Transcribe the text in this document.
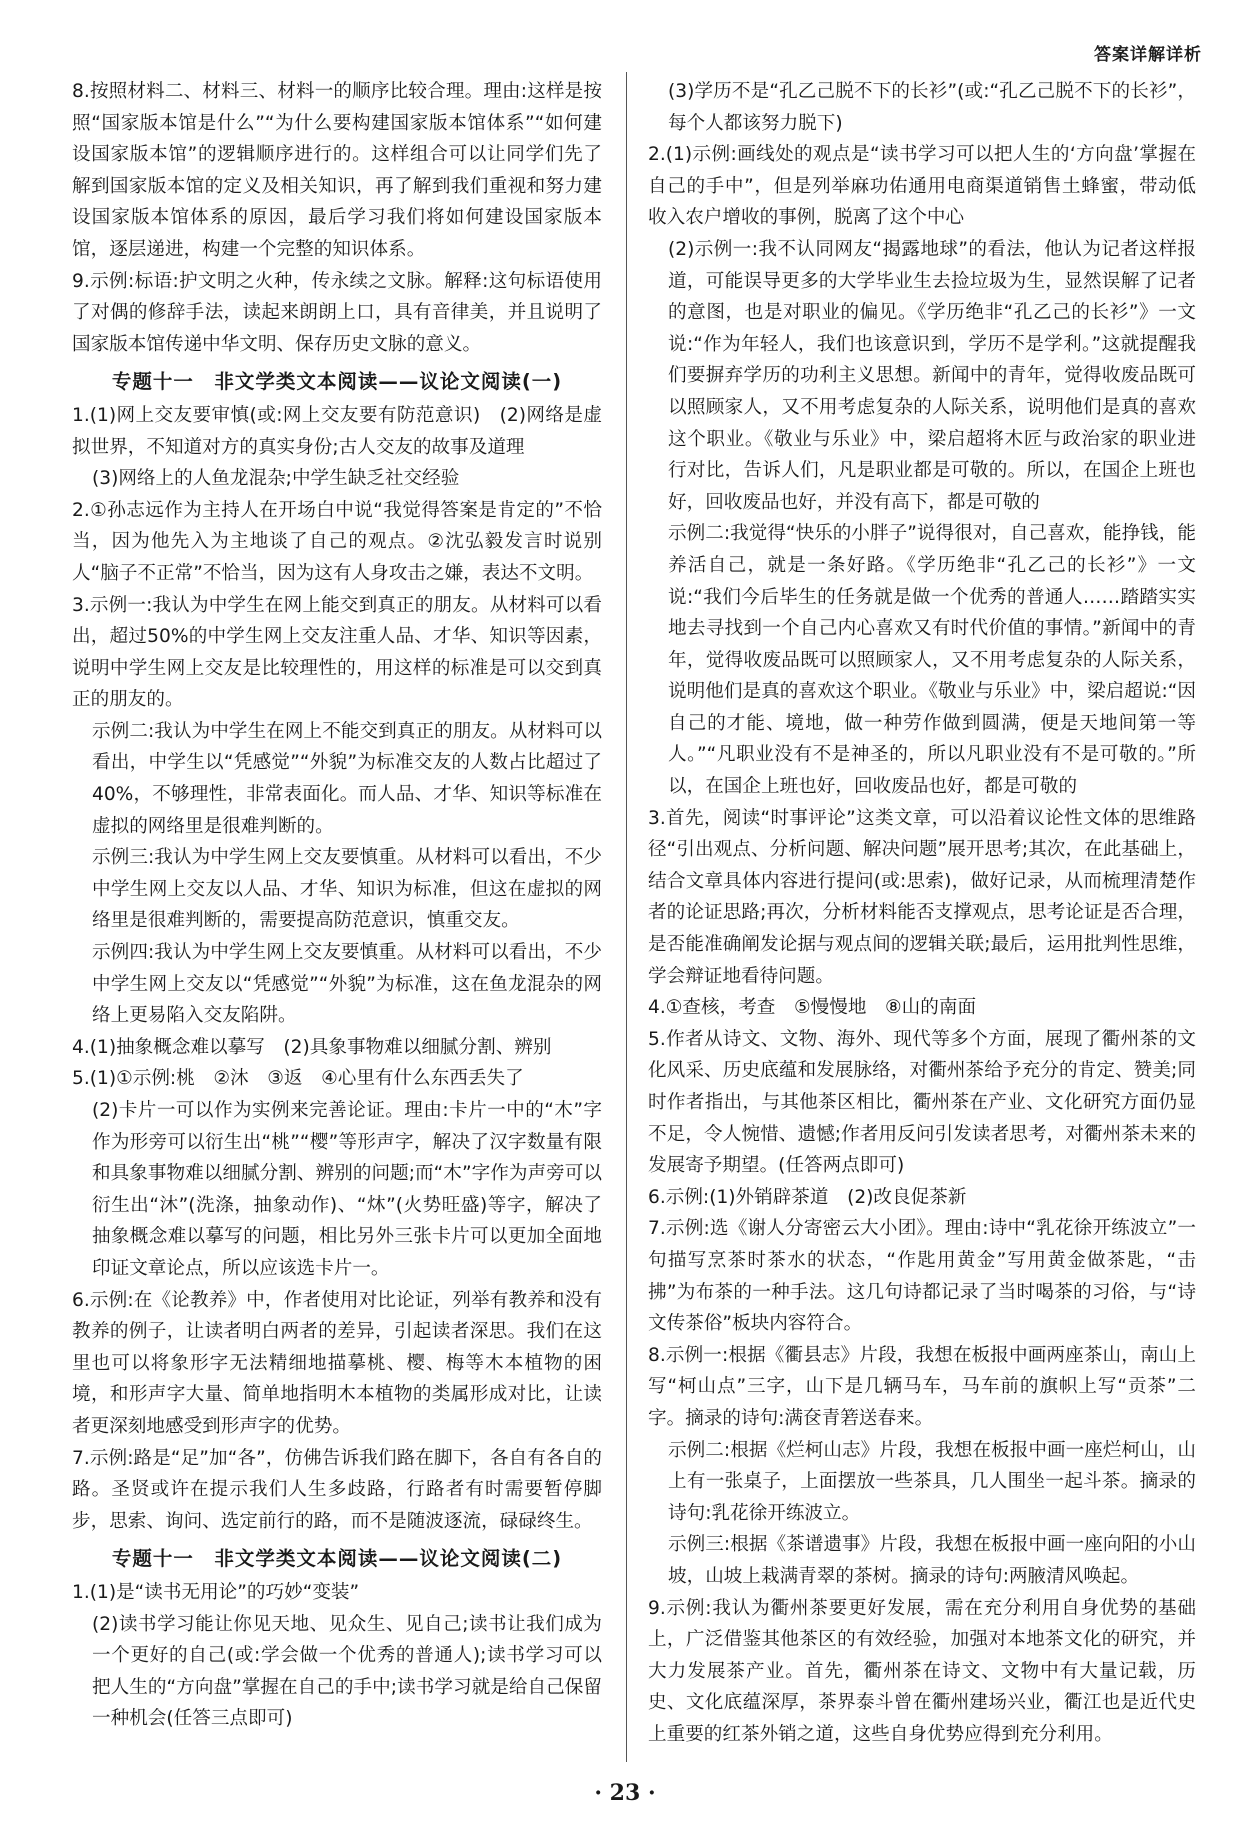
答案详解详析
8.按照材料二、材料三、材料一的顺序比较合理。理由:这样是按照“国家版本馆是什么”“为什么要构建国家版本馆体系”“如何建设国家版本馆”的逻辑顺序进行的。这样组合可以让同学们先了解到国家版本馆的定义及相关知识，再了解到我们重视和努力建设国家版本馆体系的原因，最后学习我们将如何建设国家版本馆，逐层递进，构建一个完整的知识体系。
9.示例:标语:护文明之火种，传永续之文脉。解释:这句标语使用了对偶的修辞手法，读起来朗朗上口，具有音律美，并且说明了国家版本馆传递中华文明、保存历史文脉的意义。
专题十一　非文学类文本阅读——议论文阅读(一)
1.(1)网上交友要审慎(或:网上交友要有防范意识)　(2)网络是虚拟世界，不知道对方的真实身份;古人交友的故事及道理
(3)网络上的人鱼龙混杂;中学生缺乏社交经验
2.①孙志远作为主持人在开场白中说“我觉得答案是肯定的”不恰当，因为他先入为主地谈了自己的观点。②沈弘毅发言时说别人“脑子不正常”不恰当，因为这有人身攻击之嫌，表达不文明。
3.示例一:我认为中学生在网上能交到真正的朋友。从材料可以看出，超过50%的中学生网上交友注重人品、才华、知识等因素，说明中学生网上交友是比较理性的，用这样的标准是可以交到真正的朋友的。
示例二:我认为中学生在网上不能交到真正的朋友。从材料可以看出，中学生以“凭感觉”“外貌”为标准交友的人数占比超过了40%，不够理性，非常表面化。而人品、才华、知识等标准在虚拟的网络里是很难判断的。
示例三:我认为中学生网上交友要慎重。从材料可以看出，不少中学生网上交友以人品、才华、知识为标准，但这在虚拟的网络里是很难判断的，需要提高防范意识，慎重交友。
示例四:我认为中学生网上交友要慎重。从材料可以看出，不少中学生网上交友以“凭感觉”“外貌”为标准，这在鱼龙混杂的网络上更易陷入交友陷阱。
4.(1)抽象概念难以摹写　(2)具象事物难以细腻分割、辨别
5.(1)①示例:桃　②沐　③返　④心里有什么东西丢失了
(2)卡片一可以作为实例来完善论证。理由:卡片一中的“木”字作为形旁可以衍生出“桃”“樱”等形声字，解决了汉字数量有限和具象事物难以细腻分割、辨别的问题;而“木”字作为声旁可以衍生出“沐”(洗涤，抽象动作)、“炑”(火势旺盛)等字，解决了抽象概念难以摹写的问题，相比另外三张卡片可以更加全面地印证文章论点，所以应该选卡片一。
6.示例:在《论教养》中，作者使用对比论证，列举有教养和没有教养的例子，让读者明白两者的差异，引起读者深思。我们在这里也可以将象形字无法精细地描摹桃、樱、梅等木本植物的困境，和形声字大量、简单地指明木本植物的类属形成对比，让读者更深刻地感受到形声字的优势。
7.示例:路是“足”加“各”，仿佛告诉我们路在脚下，各自有各自的路。圣贤或许在提示我们人生多歧路，行路者有时需要暂停脚步，思索、询问、选定前行的路，而不是随波逐流，碌碌终生。
专题十一　非文学类文本阅读——议论文阅读(二)
1.(1)是“读书无用论”的巧妙“变装”
(2)读书学习能让你见天地、见众生、见自己;读书让我们成为一个更好的自己(或:学会做一个优秀的普通人);读书学习可以把人生的“方向盘”掌握在自己的手中;读书学习就是给自己保留一种机会(任答三点即可)
(3)学历不是“孔乙己脱不下的长衫”(或:“孔乙己脱不下的长衫”，每个人都该努力脱下)
2.(1)示例:画线处的观点是“读书学习可以把人生的‘方向盘’掌握在自己的手中”，但是列举麻功佑通用电商渠道销售土蜂蜜，带动低收入农户增收的事例，脱离了这个中心
(2)示例一:我不认同网友“揭露地球”的看法，他认为记者这样报道，可能误导更多的大学毕业生去捡垃圾为生，显然误解了记者的意图，也是对职业的偏见。《学历绝非“孔乙己的长衫”》一文说:“作为年轻人，我们也该意识到，学历不是学利。”这就提醒我们要摒弃学历的功利主义思想。新闻中的青年，觉得收废品既可以照顾家人，又不用考虑复杂的人际关系，说明他们是真的喜欢这个职业。《敬业与乐业》中，梁启超将木匠与政治家的职业进行对比，告诉人们，凡是职业都是可敬的。所以，在国企上班也好，回收废品也好，并没有高下，都是可敬的
示例二:我觉得“快乐的小胖子”说得很对，自己喜欢，能挣钱，能养活自己，就是一条好路。《学历绝非“孔乙己的长衫”》一文说:“我们今后毕生的任务就是做一个优秀的普通人……踏踏实实地去寻找到一个自己内心喜欢又有时代价值的事情。”新闻中的青年，觉得收废品既可以照顾家人，又不用考虑复杂的人际关系，说明他们是真的喜欢这个职业。《敬业与乐业》中，梁启超说:“因自己的才能、境地，做一种劳作做到圆满，便是天地间第一等人。”“凡职业没有不是神圣的，所以凡职业没有不是可敬的。”所以，在国企上班也好，回收废品也好，都是可敬的
3.首先，阅读“时事评论”这类文章，可以沿着议论性文体的思维路径“引出观点、分析问题、解决问题”展开思考;其次，在此基础上，结合文章具体内容进行提问(或:思索)，做好记录，从而梳理清楚作者的论证思路;再次，分析材料能否支撑观点，思考论证是否合理，是否能准确阐发论据与观点间的逻辑关联;最后，运用批判性思维，学会辩证地看待问题。
4.①查核，考查　⑤慢慢地　⑧山的南面
5.作者从诗文、文物、海外、现代等多个方面，展现了衢州茶的文化风采、历史底蕴和发展脉络，对衢州茶给予充分的肯定、赞美;同时作者指出，与其他茶区相比，衢州茶在产业、文化研究方面仍显不足，令人惋惜、遗憾;作者用反问引发读者思考，对衢州茶未来的发展寄予期望。(任答两点即可)
6.示例:(1)外销辟茶道　(2)改良促茶新
7.示例:选《谢人分寄密云大小团》。理由:诗中“乳花徐开练波立”一句描写烹茶时茶水的状态，“作匙用黄金”写用黄金做茶匙，“击拂”为布茶的一种手法。这几句诗都记录了当时喝茶的习俗，与“诗文传茶俗”板块内容符合。
8.示例一:根据《衢县志》片段，我想在板报中画两座茶山，南山上写“柯山点”三字，山下是几辆马车，马车前的旗帜上写“贡茶”二字。摘录的诗句:满奁青箬送春来。
示例二:根据《烂柯山志》片段，我想在板报中画一座烂柯山，山上有一张桌子，上面摆放一些茶具，几人围坐一起斗茶。摘录的诗句:乳花徐开练波立。
示例三:根据《茶谱遗事》片段，我想在板报中画一座向阳的小山坡，山坡上栽满青翠的茶树。摘录的诗句:两腋清风唤起。
9.示例:我认为衢州茶要更好发展，需在充分利用自身优势的基础上，广泛借鉴其他茶区的有效经验，加强对本地茶文化的研究，并大力发展茶产业。首先，衢州茶在诗文、文物中有大量记载，历史、文化底蕴深厚，茶界泰斗曾在衢州建场兴业，衢江也是近代史上重要的红茶外销之道，这些自身优势应得到充分利用。
· 23 ·
